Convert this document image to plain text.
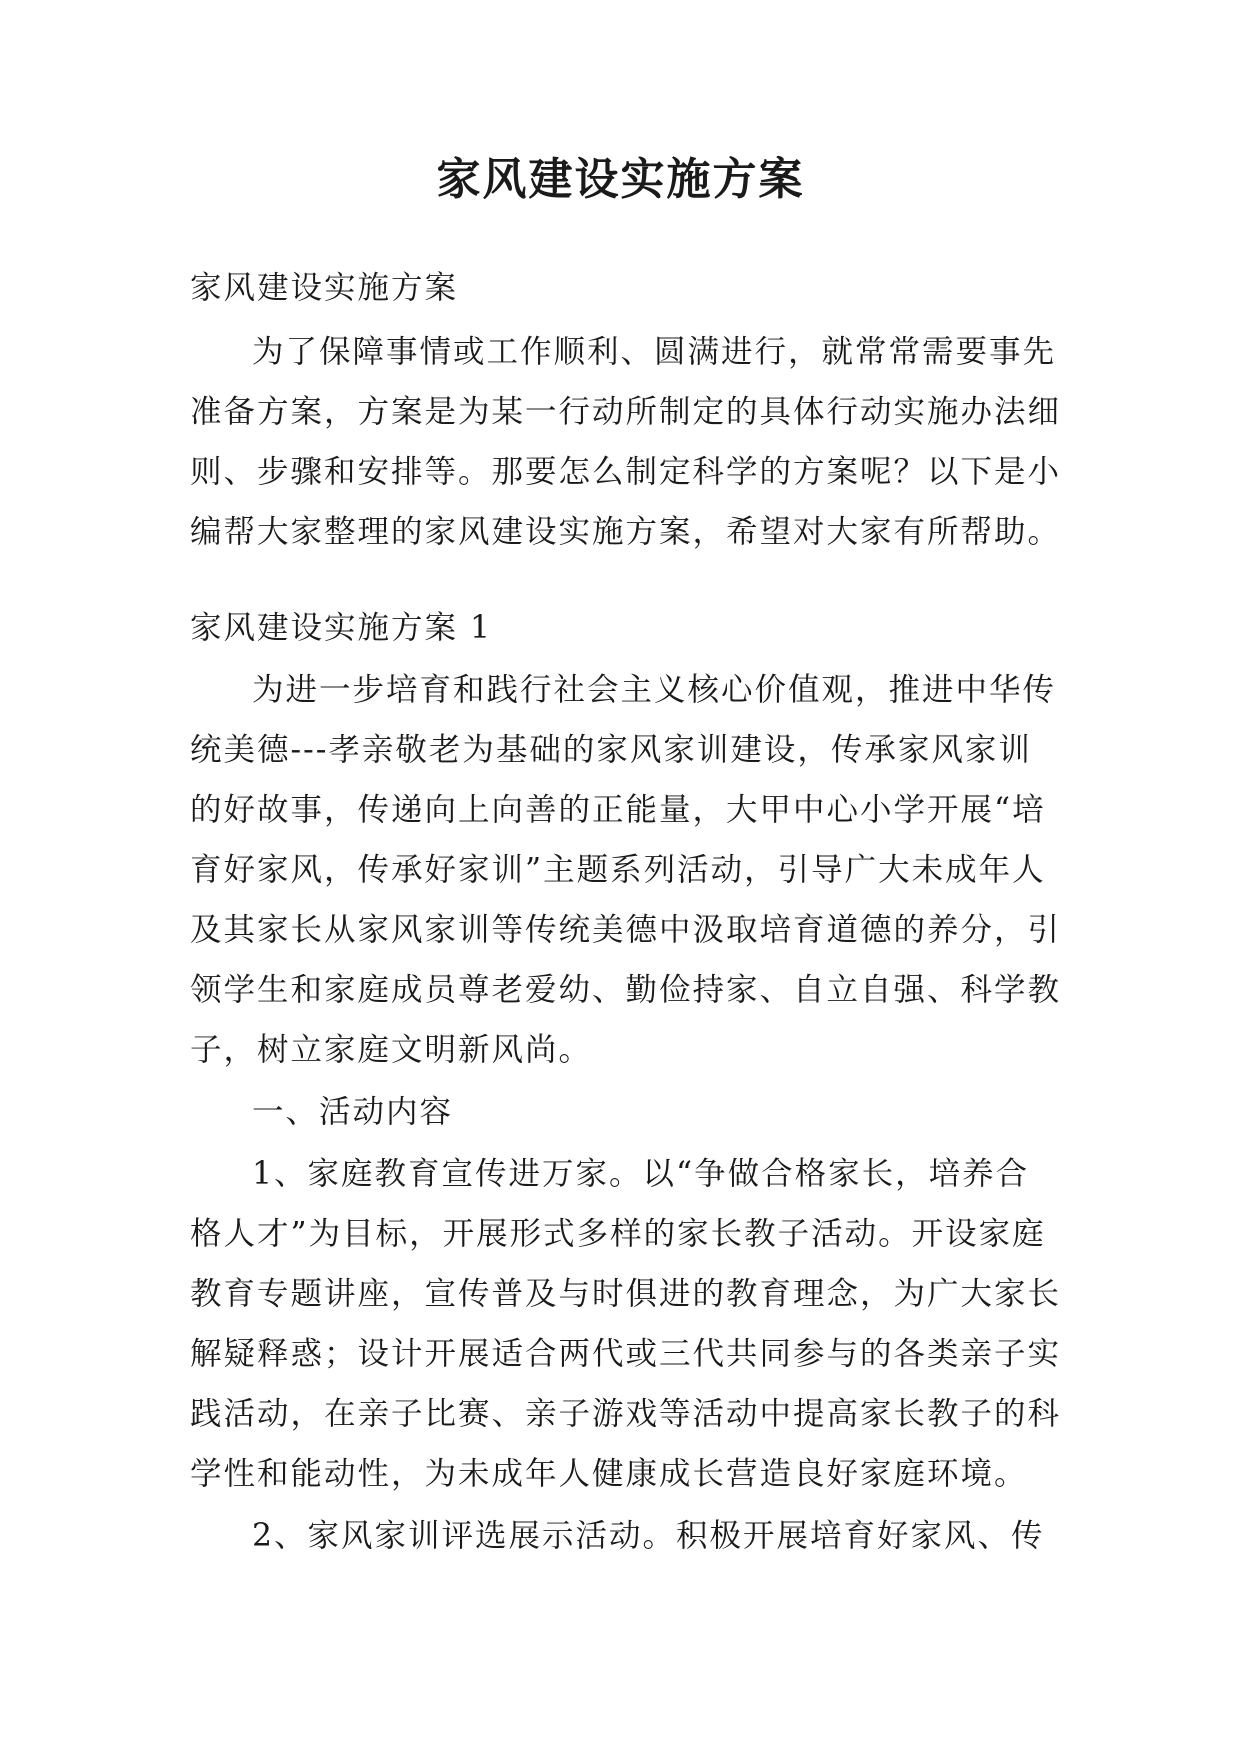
家风建设实施方案
家风建设实施方案
为了保障事情或工作顺利、圆满进行，就常常需要事先
准备方案，方案是为某一行动所制定的具体行动实施办法细
则、步骤和安排等。那要怎么制定科学的方案呢？以下是小
编帮大家整理的家风建设实施方案，希望对大家有所帮助。
家风建设实施方案 1
为进一步培育和践行社会主义核心价值观，推进中华传
统美德---孝亲敬老为基础的家风家训建设，传承家风家训
的好故事，传递向上向善的正能量，大甲中心小学开展“培
育好家风，传承好家训”主题系列活动，引导广大未成年人
及其家长从家风家训等传统美德中汲取培育道德的养分，引
领学生和家庭成员尊老爱幼、勤俭持家、自立自强、科学教
子，树立家庭文明新风尚。
一、活动内容
1、家庭教育宣传进万家。以“争做合格家长，培养合
格人才”为目标，开展形式多样的家长教子活动。开设家庭
教育专题讲座，宣传普及与时俱进的教育理念，为广大家长
解疑释惑；设计开展适合两代或三代共同参与的各类亲子实
践活动，在亲子比赛、亲子游戏等活动中提高家长教子的科
学性和能动性，为未成年人健康成长营造良好家庭环境。
2、家风家训评选展示活动。积极开展培育好家风、传
